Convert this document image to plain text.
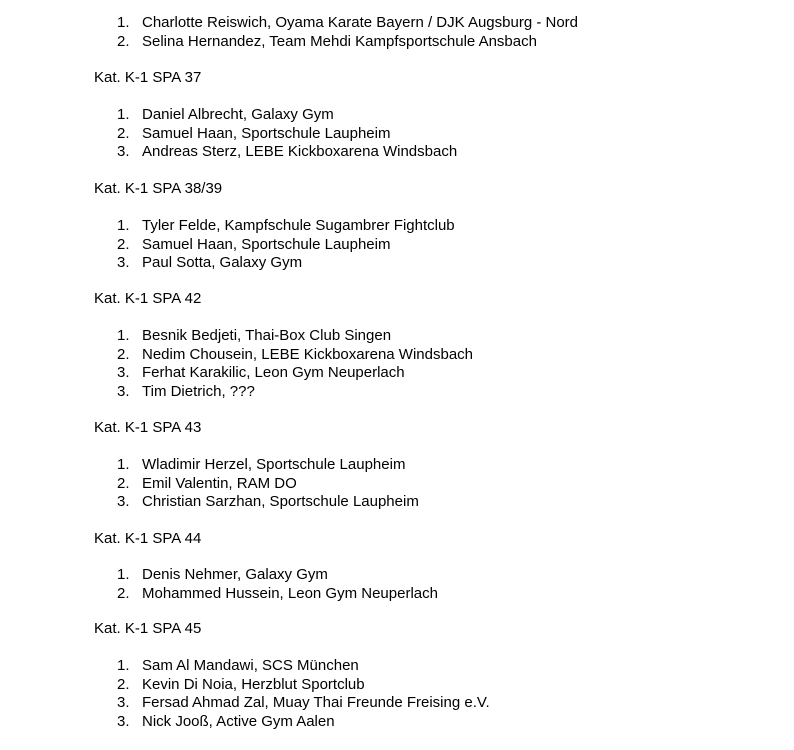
1. Charlotte Reiswich, Oyama Karate Bayern / DJK Augsburg - Nord
2. Selina Hernandez, Team Mehdi Kampfsportschule Ansbach
Kat. K-1 SPA 37
1. Daniel Albrecht, Galaxy Gym
2. Samuel Haan, Sportschule Laupheim
3. Andreas Sterz, LEBE Kickboxarena Windsbach
Kat. K-1 SPA 38/39
1. Tyler Felde, Kampfschule Sugambrer Fightclub
2. Samuel Haan, Sportschule Laupheim
3. Paul Sotta, Galaxy Gym
Kat. K-1 SPA 42
1. Besnik Bedjeti, Thai-Box Club Singen
2. Nedim Chousein, LEBE Kickboxarena Windsbach
3. Ferhat Karakilic, Leon Gym Neuperlach
3. Tim Dietrich, ???
Kat. K-1 SPA 43
1. Wladimir Herzel, Sportschule Laupheim
2. Emil Valentin, RAM DO
3. Christian Sarzhan, Sportschule Laupheim
Kat. K-1 SPA 44
1. Denis Nehmer, Galaxy Gym
2. Mohammed Hussein, Leon Gym Neuperlach
Kat. K-1 SPA 45
1. Sam Al Mandawi, SCS München
2. Kevin Di Noia, Herzblut Sportclub
3. Fersad Ahmad Zal, Muay Thai Freunde Freising e.V.
3. Nick Jooß, Active Gym Aalen
